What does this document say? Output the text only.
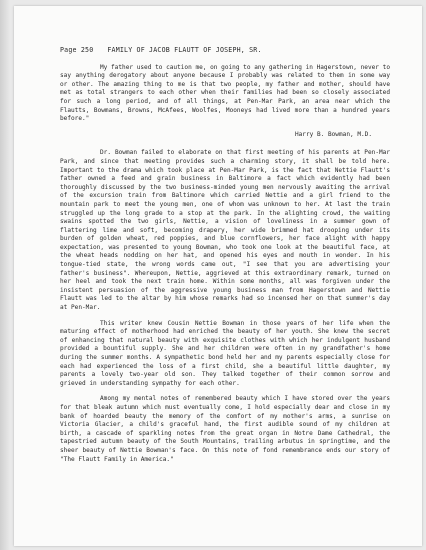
Page 250 FAMILY OF JACOB FLAUTT OF JOSEPH, SR.

My father used to caution me, on going to any gathering in Hagerstown, never to say anything derogatory about anyone because I probably was related to them in some way or other. The amazing thing to me is that two people, my father and mother, should have met as total strangers to each other when their families had been so closely associated for such a long period, and of all things, at Pen-Mar Park, an area near which the Flautts, Bowmans, Browns, McAfees, Woolfes, Mooneys had lived more than a hundred years before."

Harry B. Bowman, M.D.

Dr. Bowman failed to elaborate on that first meeting of his parents at Pen-Mar Park, and since that meeting provides such a charming story, it shall be told here. Important to the drama which took place at Pen-Mar Park, is the fact that Nettie Flautt's father owned a feed and grain business in Baltimore a fact which evidently had been thoroughly discussed by the two business-minded young men nervously awaiting the arrival of the excursion train from Baltimore which carried Nettie and a girl friend to the mountain park to meet the young men, one of whom was unknown to her. At last the train struggled up the long grade to a stop at the park. In the alighting crowd, the waiting swains spotted the two girls, Nettie, a vision of loveliness in a summer gown of flattering lime and soft, becoming drapery, her wide brimmed hat drooping under its burden of golden wheat, red poppies, and blue cornflowers, her face alight with happy expectation, was presented to young Bowman, who took one look at the beautiful face, at the wheat heads nodding on her hat, and opened his eyes and mouth in wonder. In his tongue-tied state, the wrong words came out, "I see that you are advertising your father's business". Whereupon, Nettie, aggrieved at this extraordinary remark, turned on her heel and took the next train home. Within some months, all was forgiven under the insistent persuasion of the aggressive young business man from Hagerstown and Nettie Flautt was led to the altar by him whose remarks had so incensed her on that summer's day at Pen-Mar.

This writer knew Cousin Nettie Bowman in those years of her life when the maturing effect of motherhood had enriched the beauty of her youth. She knew the secret of enhancing that natural beauty with exquisite clothes with which her indulgent husband provided a bountiful supply. She and her children were often in my grandfather's home during the summer months. A sympathetic bond held her and my parents especially close for each had experienced the loss of a first child, she a beautiful little daughter, my parents a lovely two-year old son. They talked together of their common sorrow and grieved in understanding sympathy for each other.

Among my mental notes of remembered beauty which I have stored over the years for that bleak autumn which must eventually come, I hold especially dear and close in my bank of hoarded beauty the memory of the comfort of my mother's arms, a sunrise on Victoria Glacier, a child's graceful hand, the first audible sound of my children at birth, a cascade of sparkling notes from the great organ in Notre Dame Cathedral, the tapestried autumn beauty of the South Mountains, trailing arbutus in springtime, and the sheer beauty of Nettie Bowman's face. On this note of fond remembrance ends our story of "The Flautt Family in America."
